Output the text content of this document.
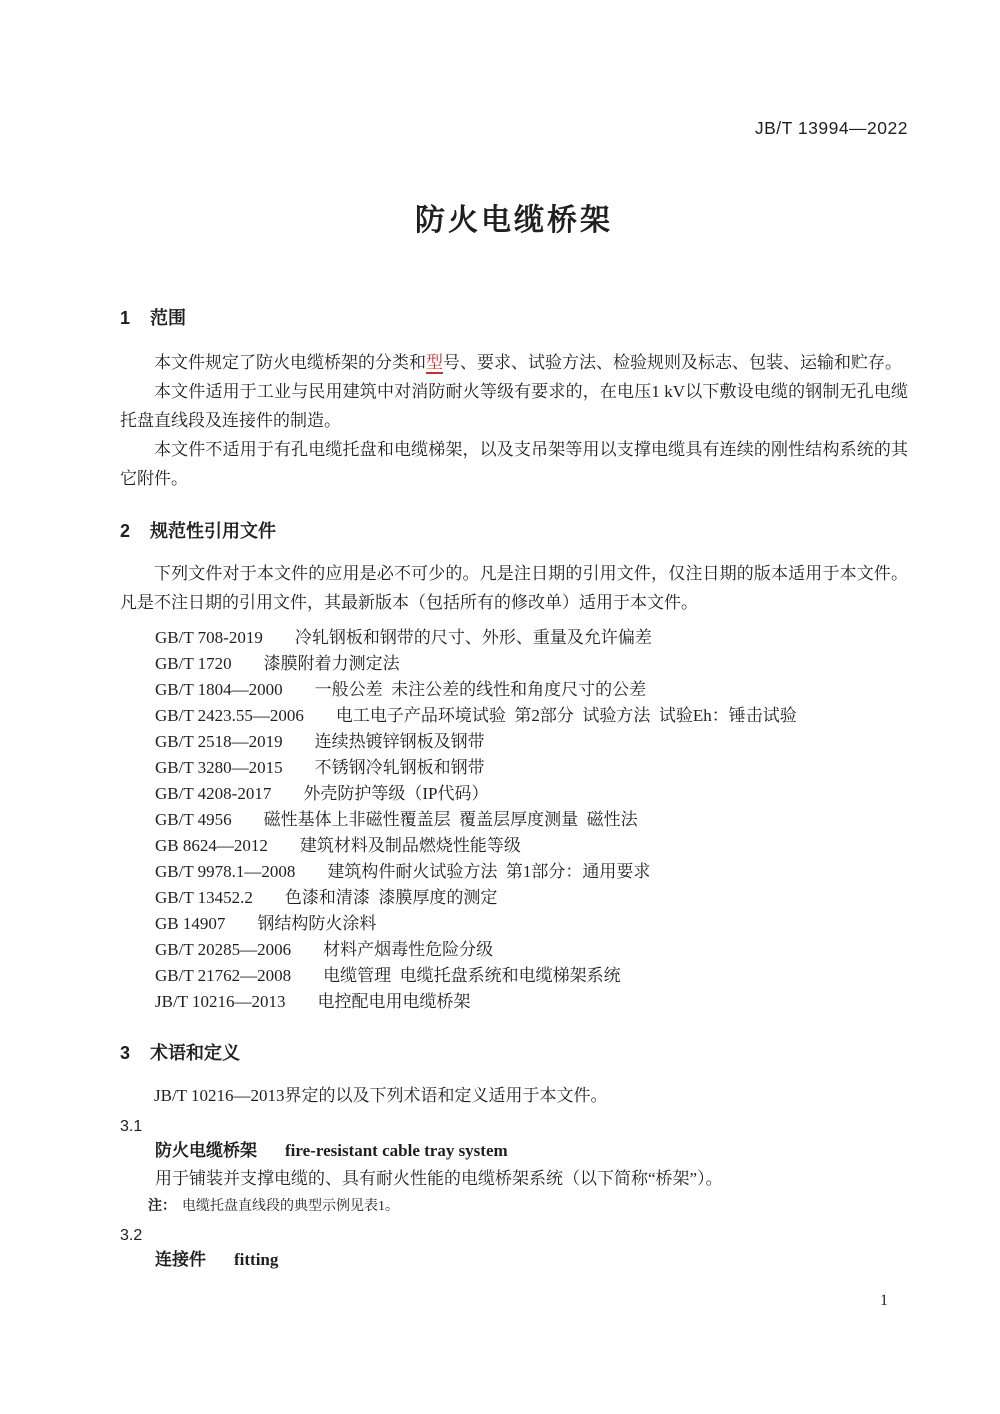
JB/T 13994—2022
防火电缆桥架
1 范围

本文件规定了防火电缆桥架的分类和型号、要求、试验方法、检验规则及标志、包装、运输和贮存。

本文件适用于工业与民用建筑中对消防耐火等级有要求的，在电压1 kV以下敷设电缆的钢制无孔电缆托盘直线段及连接件的制造。

本文件不适用于有孔电缆托盘和电缆梯架，以及支吊架等用以支撑电缆具有连续的刚性结构系统的其它附件。

2 规范性引用文件

下列文件对于本文件的应用是必不可少的。凡是注日期的引用文件，仅注日期的版本适用于本文件。凡是不注日期的引用文件，其最新版本（包括所有的修改单）适用于本文件。

GB/T 708-2019 冷轧钢板和钢带的尺寸、外形、重量及允许偏差
GB/T 1720 漆膜附着力测定法
GB/T 1804—2000 一般公差  未注公差的线性和角度尺寸的公差
GB/T 2423.55—2006 电工电子产品环境试验  第2部分  试验方法  试验Eh：锤击试验
GB/T 2518—2019 连续热镀锌钢板及钢带
GB/T 3280—2015 不锈钢冷轧钢板和钢带
GB/T 4208-2017 外壳防护等级（IP代码）
GB/T 4956 磁性基体上非磁性覆盖层  覆盖层厚度测量  磁性法
GB 8624—2012 建筑材料及制品燃烧性能等级
GB/T 9978.1—2008 建筑构件耐火试验方法  第1部分：通用要求
GB/T 13452.2 色漆和清漆  漆膜厚度的测定
GB 14907 钢结构防火涂料
GB/T 20285—2006 材料产烟毒性危险分级
GB/T 21762—2008 电缆管理  电缆托盘系统和电缆梯架系统
JB/T 10216—2013 电控配电用电缆桥架
3 术语和定义

JB/T 10216—2013界定的以及下列术语和定义适用于本文件。

3.1
防火电缆桥架 fire-resistant cable tray system
用于铺装并支撑电缆的、具有耐火性能的电缆桥架系统（以下简称“桥架”）。
注： 电缆托盘直线段的典型示例见表1。
3.2
连接件 fitting
1
